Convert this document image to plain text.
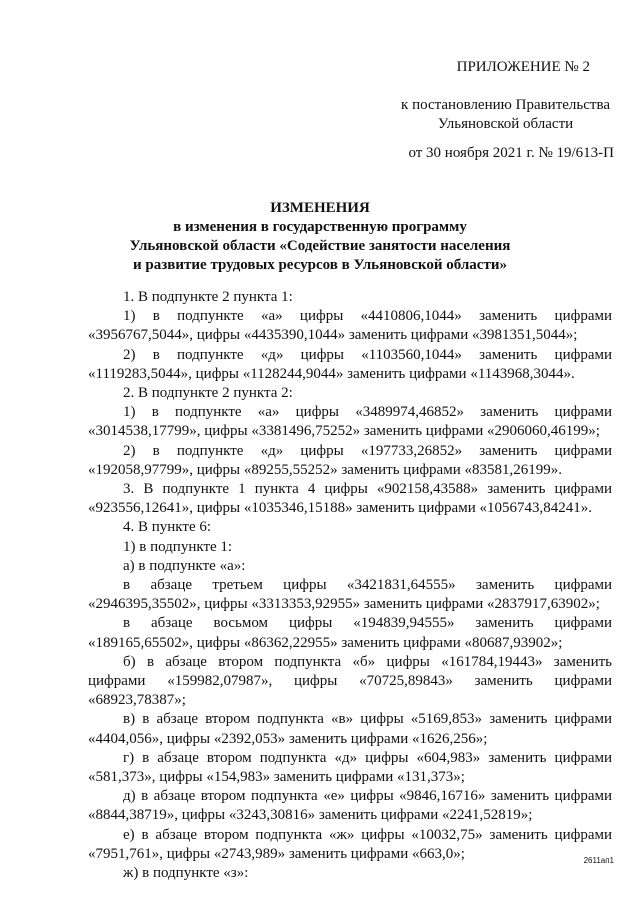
ПРИЛОЖЕНИЕ № 2
к постановлению Правительства
Ульяновской области
от 30 ноября 2021 г. № 19/613-П
ИЗМЕНЕНИЯ
в изменения в государственную программу
Ульяновской области «Содействие занятости населения
и развитие трудовых ресурсов в Ульяновской области»

1. В подпункте 2 пункта 1:

1) в подпункте «а» цифры «4410806,1044» заменить цифрами «3956767,5044», цифры «4435390,1044» заменить цифрами «3981351,5044»;

2) в подпункте «д» цифры «1103560,1044» заменить цифрами «1119283,5044», цифры «1128244,9044» заменить цифрами «1143968,3044».

2. В подпункте 2 пункта 2:

1) в подпункте «а» цифры «3489974,46852» заменить цифрами «3014538,17799», цифры «3381496,75252» заменить цифрами «2906060,46199»;

2) в подпункте «д» цифры «197733,26852» заменить цифрами «192058,97799», цифры «89255,55252» заменить цифрами «83581,26199».

3. В подпункте 1 пункта 4 цифры «902158,43588» заменить цифрами «923556,12641», цифры «1035346,15188» заменить цифрами «1056743,84241».

4. В пункте 6:

1) в подпункте 1:

а) в подпункте «а»:

в абзаце третьем цифры «3421831,64555» заменить цифрами «2946395,35502», цифры «3313353,92955» заменить цифрами «2837917,63902»;

в абзаце восьмом цифры «194839,94555» заменить цифрами «189165,65502», цифры «86362,22955» заменить цифрами «80687,93902»;

б) в абзаце втором подпункта «б» цифры «161784,19443» заменить цифрами «159982,07987», цифры «70725,89843» заменить цифрами «68923,78387»;

в) в абзаце втором подпункта «в» цифры «5169,853» заменить цифрами «4404,056», цифры «2392,053» заменить цифрами «1626,256»;

г) в абзаце втором подпункта «д» цифры «604,983» заменить цифрами «581,373», цифры «154,983» заменить цифрами «131,373»;

д) в абзаце втором подпункта «е» цифры «9846,16716» заменить цифрами «8844,38719», цифры «3243,30816» заменить цифрами «2241,52819»;

е) в абзаце втором подпункта «ж» цифры «10032,75» заменить цифрами «7951,761», цифры «2743,989» заменить цифрами «663,0»;

ж) в подпункте «з»:

2611ап1
